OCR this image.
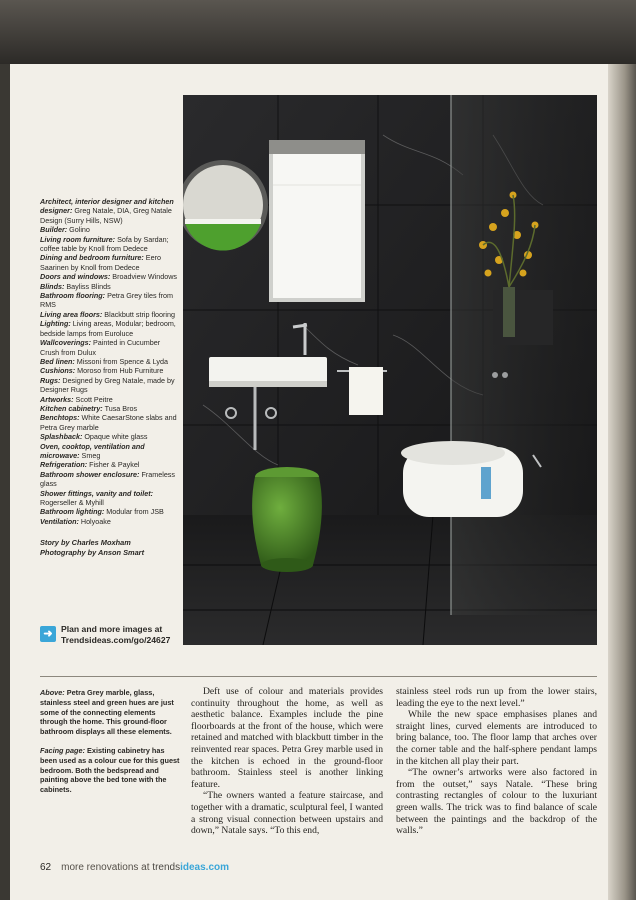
Architect, interior designer and kitchen designer: Greg Natale, DIA, Greg Natale Design (Surry Hills, NSW)

Builder: Golino

Living room furniture: Sofa by Sardan; coffee table by Knoll from Dedece

Dining and bedroom furniture: Eero Saarinen by Knoll from Dedece

Doors and windows: Broadview Windows

Blinds: Bayliss Blinds

Bathroom flooring: Petra Grey tiles from RMS

Living area floors: Blackbutt strip flooring

Lighting: Living areas, Modular; bedroom, bedside lamps from Euroluce

Wallcoverings: Painted in Cucumber Crush from Dulux

Bed linen: Missoni from Spence & Lyda

Cushions: Moroso from Hub Furniture

Rugs: Designed by Greg Natale, made by Designer Rugs

Artworks: Scott Peitre

Kitchen cabinetry: Tusa Bros

Benchtops: White CaesarStone slabs and Petra Grey marble

Splashback: Opaque white glass

Oven, cooktop, ventilation and microwave: Smeg

Refrigeration: Fisher & Paykel

Bathroom shower enclosure: Frameless glass

Shower fittings, vanity and toilet: Rogerseller & Myhill

Bathroom lighting: Modular from JSB

Ventilation: Holyoake

Story by Charles Moxham
Photography by Anson Smart
➜ Plan and more images at
Trendsideas.com/go/24627

Above: Petra Grey marble, glass, stainless steel and green hues are just some of the connecting elements through the home. This ground-floor bathroom displays all these elements.

Facing page: Existing cabinetry has been used as a colour cue for this guest bedroom. Both the bedspread and painting above the bed tone with the cabinets.

Deft use of colour and materials provides continuity throughout the home, as well as aesthetic balance. Examples include the pine floorboards at the front of the house, which were retained and matched with blackbutt timber in the reinvented rear spaces. Petra Grey marble used in the kitchen is echoed in the ground-floor bathroom. Stainless steel is another linking feature.

“The owners wanted a feature staircase, and together with a dramatic, sculptural feel, I wanted a strong visual connection between upstairs and down,” Natale says. “To this end,

stainless steel rods run up from the lower stairs, leading the eye to the next level.”

While the new space emphasises planes and straight lines, curved elements are introduced to bring balance, too. The floor lamp that arches over the corner table and the half-sphere pendant lamps in the kitchen all play their part.

“The owner’s artworks were also factored in from the outset,” says Natale. “These bring contrasting rectangles of colour to the luxuriant green walls. The trick was to find balance of scale between the paintings and the backdrop of the walls.”

62 more renovations at trendsideas.com
